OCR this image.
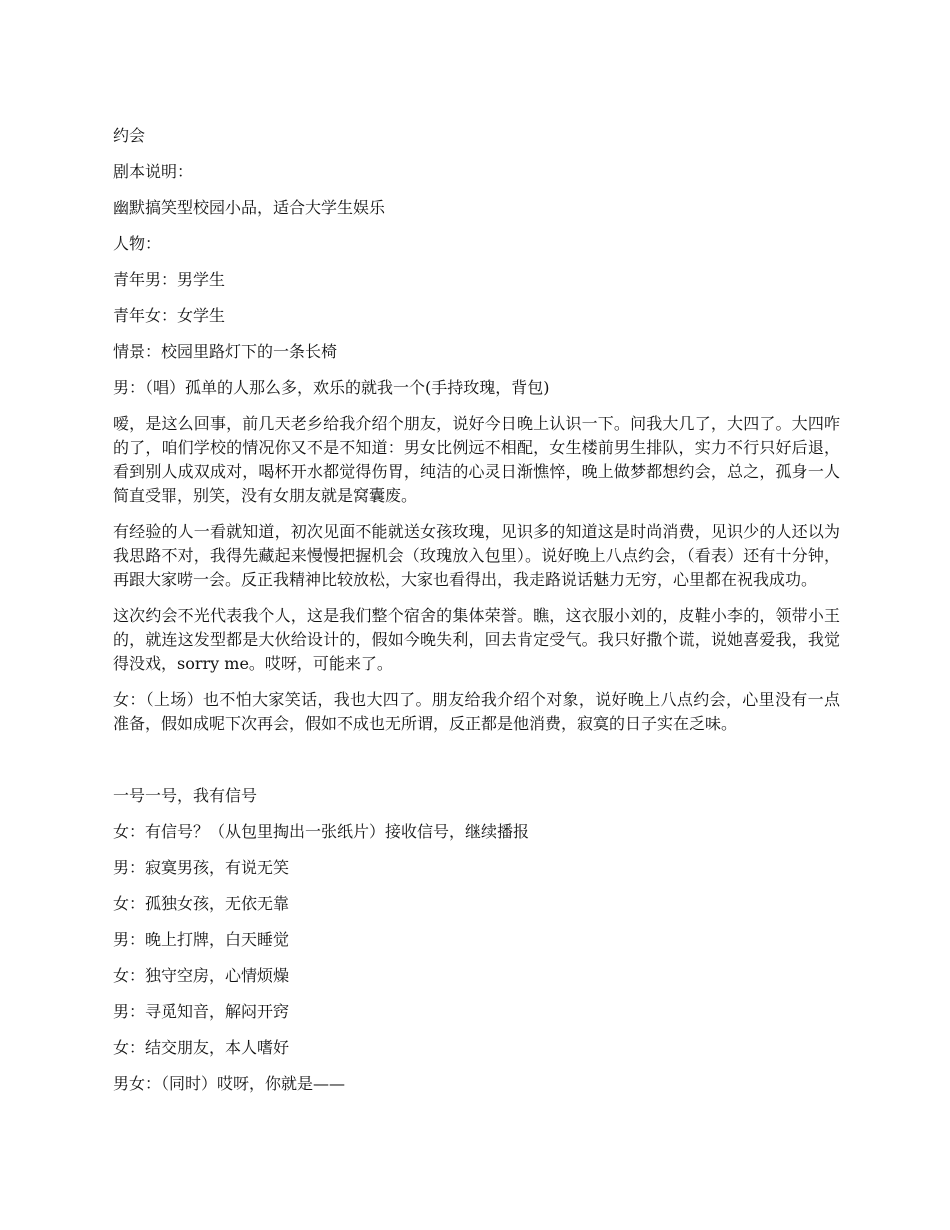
约会

剧本说明：

幽默搞笑型校园小品，适合大学生娱乐

人物：

青年男：男学生

青年女：女学生

情景：校园里路灯下的一条长椅

男：（唱）孤单的人那么多，欢乐的就我一个(手持玫瑰，背包)

嗳，是这么回事，前几天老乡给我介绍个朋友，说好今日晚上认识一下。问我大几了，大四了。大四咋的了，咱们学校的情况你又不是不知道：男女比例远不相配，女生楼前男生排队，实力不行只好后退，看到别人成双成对，喝杯开水都觉得伤胃，纯洁的心灵日渐憔悴，晚上做梦都想约会，总之，孤身一人简直受罪，别笑，没有女朋友就是窝囊废。

有经验的人一看就知道，初次见面不能就送女孩玫瑰，见识多的知道这是时尚消费，见识少的人还以为我思路不对，我得先藏起来慢慢把握机会（玫瑰放入包里）。说好晚上八点约会，（看表）还有十分钟，再跟大家唠一会。反正我精神比较放松，大家也看得出，我走路说话魅力无穷，心里都在祝我成功。

这次约会不光代表我个人，这是我们整个宿舍的集体荣誉。瞧，这衣服小刘的，皮鞋小李的，领带小王的，就连这发型都是大伙给设计的，假如今晚失利，回去肯定受气。我只好撒个谎，说她喜爱我，我觉得没戏，sorry me。哎呀，可能来了。

女：（上场）也不怕大家笑话，我也大四了。朋友给我介绍个对象，说好晚上八点约会，心里没有一点准备，假如成呢下次再会，假如不成也无所谓，反正都是他消费，寂寞的日子实在乏味。

一号一号，我有信号

女：有信号？（从包里掏出一张纸片）接收信号，继续播报

男：寂寞男孩，有说无笑

女：孤独女孩，无依无靠

男：晚上打牌，白天睡觉

女：独守空房，心情烦燥

男：寻觅知音，解闷开窍

女：结交朋友，本人嗜好

男女：（同时）哎呀，你就是——
